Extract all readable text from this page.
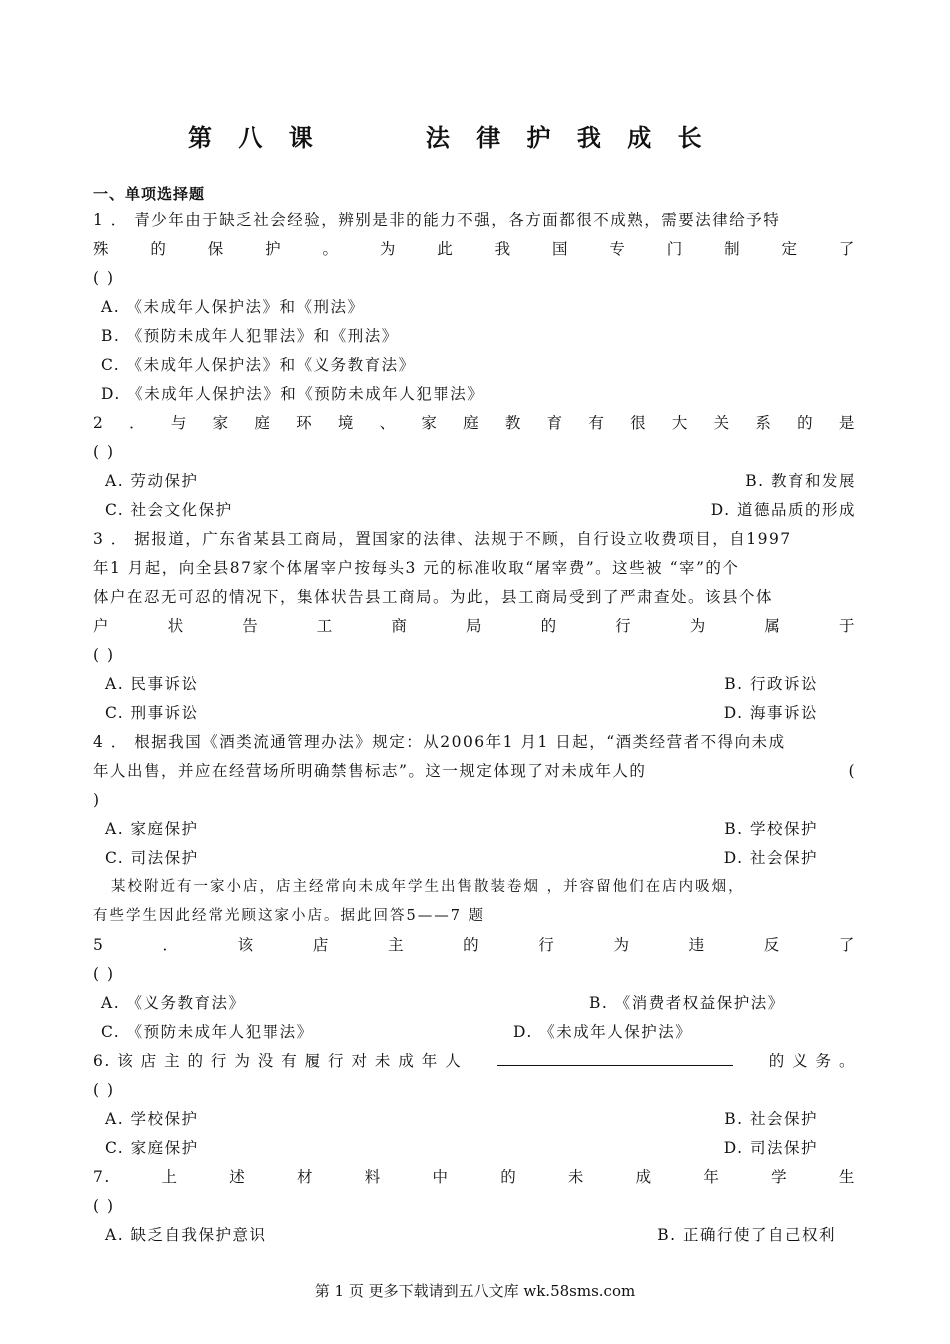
第 八 课      法 律 护 我 成 长
一、单项选择题
1 ． 青少年由于缺乏社会经验，辨别是非的能力不强，各方面都很不成熟，需要法律给予特
殊	的	保	护	。	为	此	我	国	专	门	制	定	了
( )
A. 《未成年人保护法》和《刑法》
B. 《预防未成年人犯罪法》和《刑法》
C. 《未成年人保护法》和《义务教育法》
D. 《未成年人保护法》和《预防未成年人犯罪法》
2 ． 与 家 庭 环 境 、 家 庭 教 育 有 很 大 关 系 的 是
( )
A. 劳动保护	B. 教育和发展
C. 社会文化保护	D. 道德品质的形成
3 ． 据报道，广东省某县工商局，置国家的法律、法规于不顾，自行设立收费项目，自1997
年1 月起，向全县87家个体屠宰户按每头3 元的标准收取“屠宰费”。这些被 “宰”的个
体户在忍无可忍的情况下，集体状告县工商局。为此，县工商局受到了严肃查处。该县个体
户	状	告	工	商	局	的	行	为	属	于
( )
A. 民事诉讼	B. 行政诉讼
C. 刑事诉讼	D. 海事诉讼
4 ． 根据我国《酒类流通管理办法》规定：从2006年1 月1 日起，“酒类经营者不得向未成
年人出售，并应在经营场所明确禁售标志”。这一规定体现了对未成年人的	(
)
A. 家庭保护	B. 学校保护
C. 司法保护	D. 社会保护
某校附近有一家小店，店主经常向未成年学生出售散装卷烟 ，并容留他们在店内吸烟，
有些学生因此经常光顾这家小店。据此回答5——7 题
5	．	该	店	主	的	行	为	违	反	了
( )
A. 《义务教育法》	B. 《消费者权益保护法》
C. 《预防未成年人犯罪法》	D. 《未成年人保护法》
6. 该 店 主 的 行 为 没 有 履 行 对 未 成 年 人	的 义 务 。
( )
A. 学校保护	B. 社会保护
C. 家庭保护	D. 司法保护
7.	上	述	材	料	中	的	未	成	年	学	生
( )
A. 缺乏自我保护意识	B. 正确行使了自己权利
第 1 页 更多下载请到五八文库 wk.58sms.com
